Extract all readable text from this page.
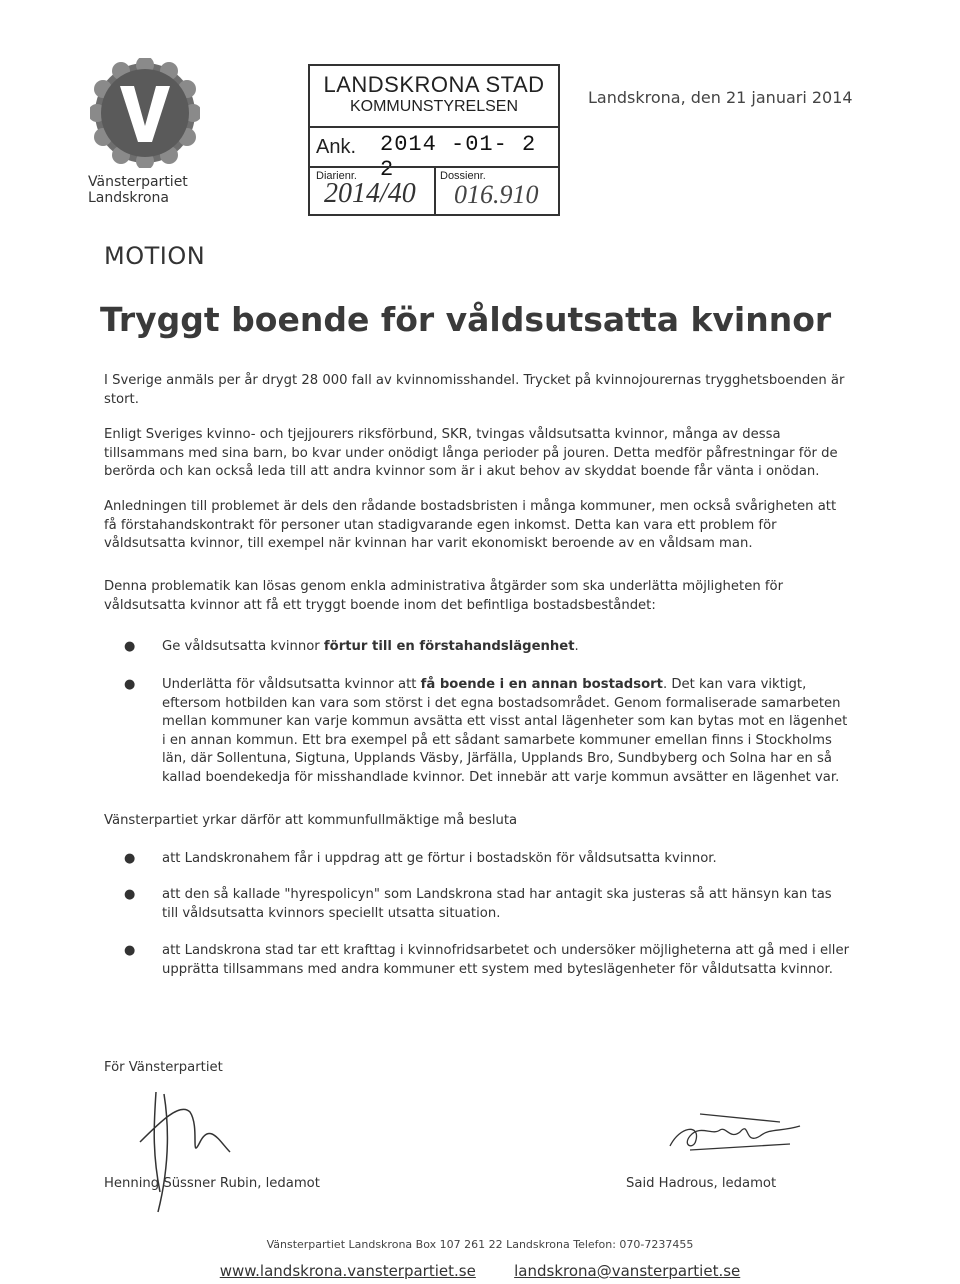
Vänsterpartiet
Landskrona
LANDSKRONA STAD
KOMMUNSTYRELSEN
Ank. 2014 -01- 2 2
Diarienr.	Dossienr.
2014/40 016.910
Landskrona, den 21 januari 2014
MOTION
Tryggt boende för våldsutsatta kvinnor
I Sverige anmäls per år drygt 28 000 fall av kvinnomisshandel. Trycket på kvinnojourernas trygghetsboenden är stort.
Enligt Sveriges kvinno- och tjejjourers riksförbund, SKR, tvingas våldsutsatta kvinnor, många av dessa tillsammans med sina barn, bo kvar under onödigt långa perioder på jouren. Detta medför påfrestningar för de berörda och kan också leda till att andra kvinnor som är i akut behov av skyddat boende får vänta i onödan.
Anledningen till problemet är dels den rådande bostadsbristen i många kommuner, men också svårigheten att få förstahandskontrakt för personer utan stadigvarande egen inkomst. Detta kan vara ett problem för våldsutsatta kvinnor, till exempel när kvinnan har varit ekonomiskt beroende av en våldsam man.
Denna problematik kan lösas genom enkla administrativa åtgärder som ska underlätta möjligheten för våldsutsatta kvinnor att få ett tryggt boende inom det befintliga bostadsbeståndet:
●	Ge våldsutsatta kvinnor förtur till en förstahandslägenhet.
●	Underlätta för våldsutsatta kvinnor att få boende i en annan bostadsort. Det kan vara viktigt, eftersom hotbilden kan vara som störst i det egna bostadsområdet. Genom formaliserade samarbeten mellan kommuner kan varje kommun avsätta ett visst antal lägenheter som kan bytas mot en lägenhet i en annan kommun. Ett bra exempel på ett sådant samarbete kommuner emellan finns i Stockholms län, där Sollentuna, Sigtuna, Upplands Väsby, Järfälla, Upplands Bro, Sundbyberg och Solna har en så kallad boendekedja för misshandlade kvinnor. Det innebär att varje kommun avsätter en lägenhet var.
Vänsterpartiet yrkar därför att kommunfullmäktige må besluta
●	att Landskronahem får i uppdrag att ge förtur i bostadskön för våldsutsatta kvinnor.
●	att den så kallade "hyrespolicyn" som Landskrona stad har antagit ska justeras så att hänsyn kan tas till våldsutsatta kvinnors speciellt utsatta situation.
●	att Landskrona stad tar ett krafttag i kvinnofridsarbetet och undersöker möjligheterna att gå med i eller upprätta tillsammans med andra kommuner ett system med byteslägenheter för våldutsatta kvinnor.
För Vänsterpartiet
Henning Süssner Rubin, ledamot	Said Hadrous, ledamot
Vänsterpartiet Landskrona Box 107 261 22 Landskrona Telefon: 070-7237455
www.landskrona.vansterpartiet.se	landskrona@vansterpartiet.se
